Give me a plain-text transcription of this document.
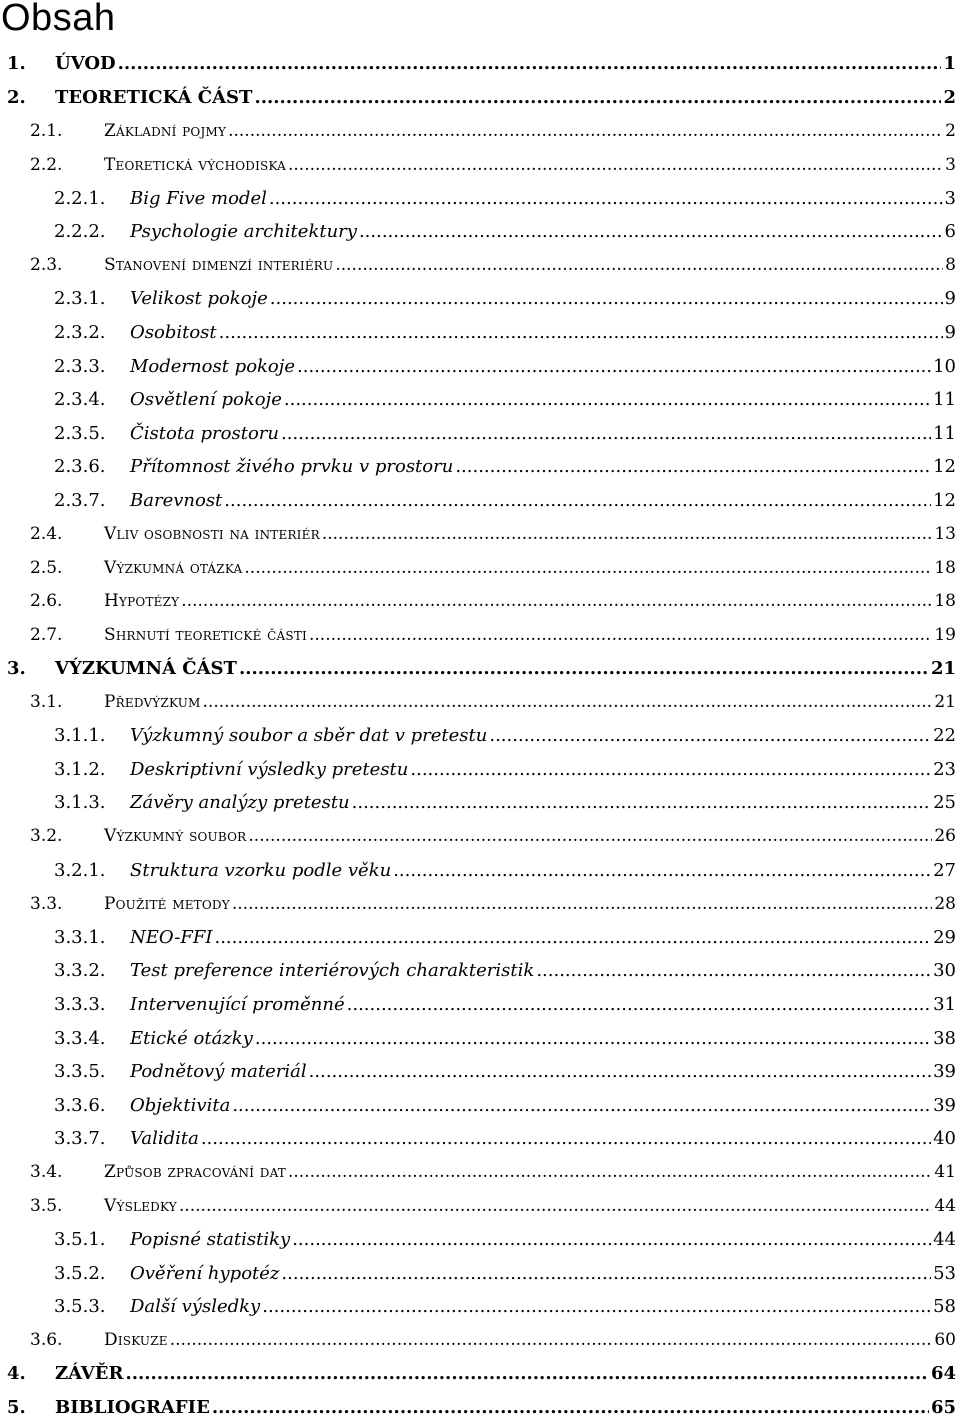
Obsah
1. ÚVOD .....	1
2. TEORETICKÁ ČÁST .....	2
2.1. Základní pojmy .....	2
2.2. Teoretická východiska .....	3
2.2.1. Big Five model .....	3
2.2.2. Psychologie architektury .....	6
2.3. Stanovení dimenzí interiéru .....	8
2.3.1. Velikost pokoje .....	9
2.3.2. Osobitost .....	9
2.3.3. Modernost pokoje .....	10
2.3.4. Osvětlení pokoje .....	11
2.3.5. Čistota prostoru .....	11
2.3.6. Přítomnost živého prvku v prostoru .....	12
2.3.7. Barevnost .....	12
2.4. Vliv osobnosti na interiér .....	13
2.5. Výzkumná otázka .....	18
2.6. Hypotézy .....	18
2.7. Shrnutí teoretické části .....	19
3. VÝZKUMNÁ ČÁST .....	21
3.1. Předvýzkum .....	21
3.1.1. Výzkumný soubor a sběr dat v pretestu .....	22
3.1.2. Deskriptivní výsledky pretestu .....	23
3.1.3. Závěry analýzy pretestu .....	25
3.2. Výzkumný soubor .....	26
3.2.1. Struktura vzorku podle věku .....	27
3.3. Použité metody .....	28
3.3.1. NEO-FFI .....	29
3.3.2. Test preference interiérových charakteristik .....	30
3.3.3. Intervenující proměnné .....	31
3.3.4. Etické otázky .....	38
3.3.5. Podnětový materiál .....	39
3.3.6. Objektivita .....	39
3.3.7. Validita .....	40
3.4. Způsob zpracování dat .....	41
3.5. Výsledky .....	44
3.5.1. Popisné statistiky .....	44
3.5.2. Ověření hypotéz .....	53
3.5.3. Další výsledky .....	58
3.6. Diskuze .....	60
4. ZÁVĚR .....	64
5. BIBLIOGRAFIE .....	65
